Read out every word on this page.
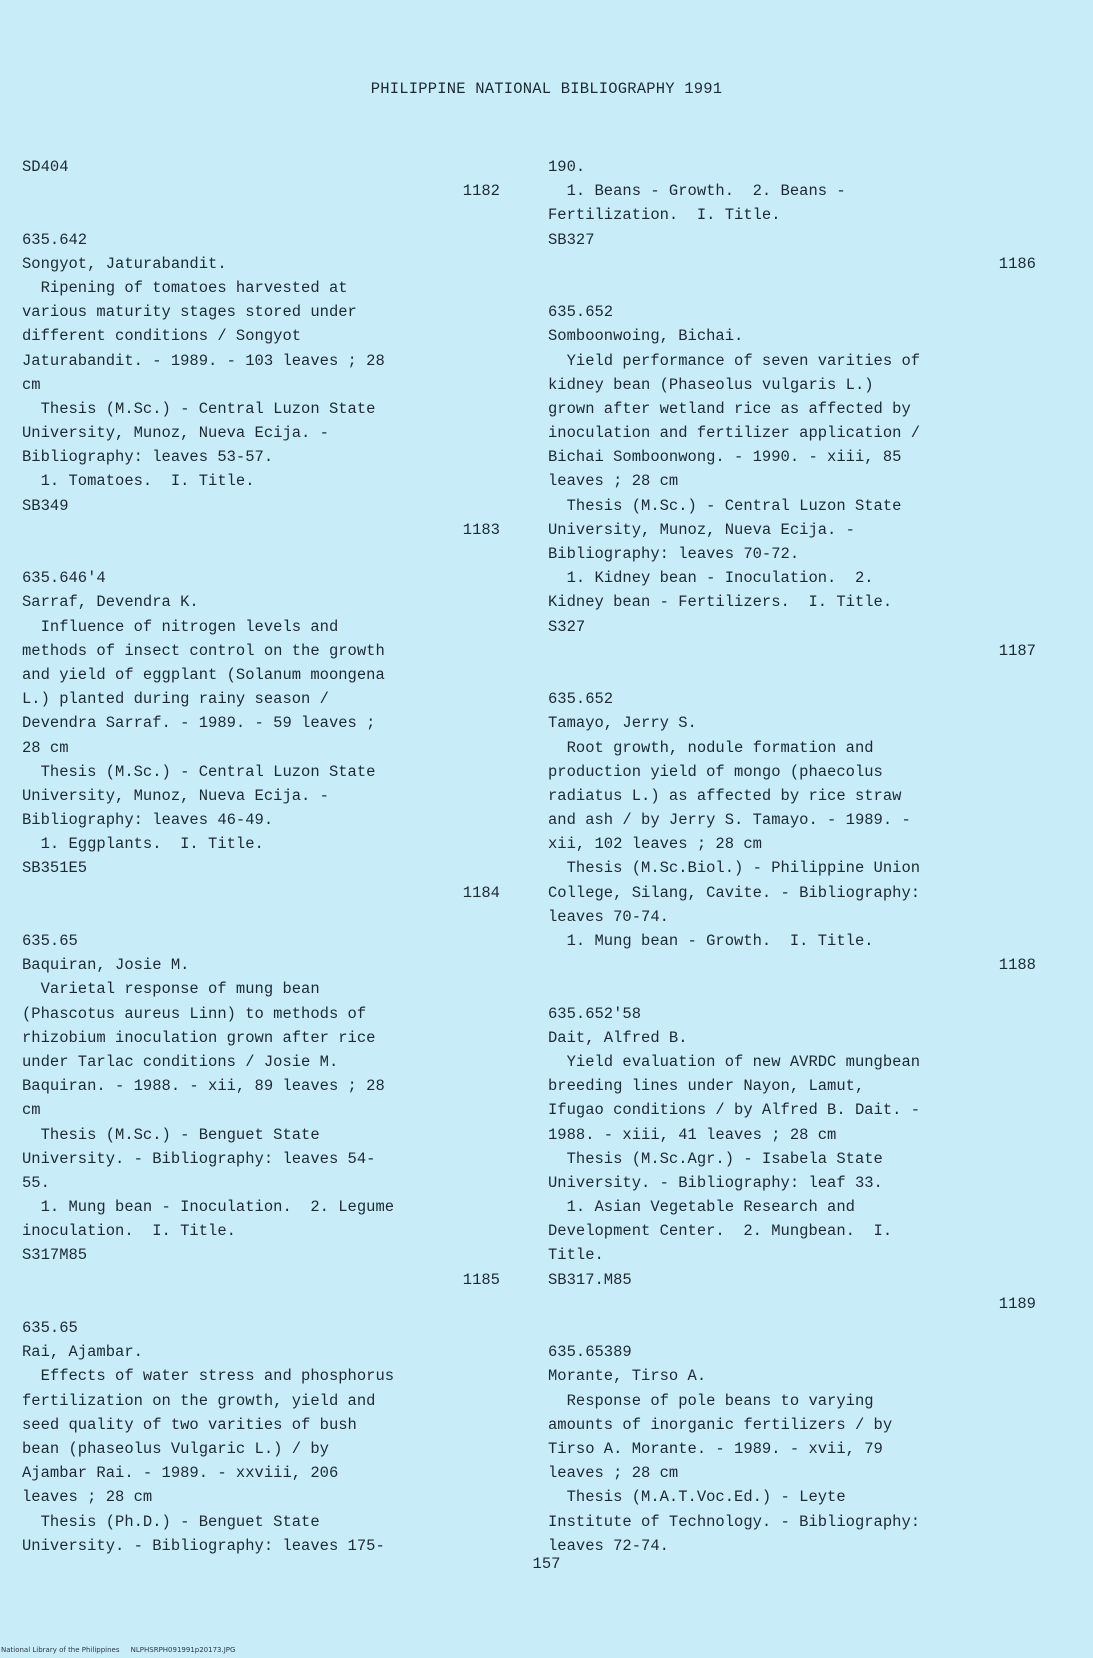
PHILIPPINE NATIONAL BIBLIOGRAPHY 1991
SD404
1182
635.642
Songyot, Jaturabandit.
Ripening of tomatoes harvested at
various maturity stages stored under
different conditions / Songyot
Jaturabandit. - 1989. - 103 leaves ; 28
cm
Thesis (M.Sc.) - Central Luzon State
University, Munoz, Nueva Ecija. -
Bibliography: leaves 53-57.
1. Tomatoes.  I. Title.
SB349
1183
635.646'4
Sarraf, Devendra K.
Influence of nitrogen levels and
methods of insect control on the growth
and yield of eggplant (Solanum moongena
L.) planted during rainy season /
Devendra Sarraf. - 1989. - 59 leaves ;
28 cm
Thesis (M.Sc.) - Central Luzon State
University, Munoz, Nueva Ecija. -
Bibliography: leaves 46-49.
1. Eggplants.  I. Title.
SB351E5
1184
635.65
Baquiran, Josie M.
Varietal response of mung bean
(Phascotus aureus Linn) to methods of
rhizobium inoculation grown after rice
under Tarlac conditions / Josie M.
Baquiran. - 1988. - xii, 89 leaves ; 28
cm
Thesis (M.Sc.) - Benguet State
University. - Bibliography: leaves 54-
55.
1. Mung bean - Inoculation.  2. Legume
inoculation.  I. Title.
S317M85
1185
635.65
Rai, Ajambar.
Effects of water stress and phosphorus
fertilization on the growth, yield and
seed quality of two varities of bush
bean (phaseolus Vulgaric L.) / by
Ajambar Rai. - 1989. - xxviii, 206
leaves ; 28 cm
Thesis (Ph.D.) - Benguet State
University. - Bibliography: leaves 175-
190.
1. Beans - Growth.  2. Beans -
Fertilization.  I. Title.
SB327
1186
635.652
Somboonwoing, Bichai.
Yield performance of seven varities of
kidney bean (Phaseolus vulgaris L.)
grown after wetland rice as affected by
inoculation and fertilizer application /
Bichai Somboonwong. - 1990. - xiii, 85
leaves ; 28 cm
Thesis (M.Sc.) - Central Luzon State
University, Munoz, Nueva Ecija. -
Bibliography: leaves 70-72.
1. Kidney bean - Inoculation.  2.
Kidney bean - Fertilizers.  I. Title.
S327
1187
635.652
Tamayo, Jerry S.
Root growth, nodule formation and
production yield of mongo (phaecolus
radiatus L.) as affected by rice straw
and ash / by Jerry S. Tamayo. - 1989. -
xii, 102 leaves ; 28 cm
Thesis (M.Sc.Biol.) - Philippine Union
College, Silang, Cavite. - Bibliography:
leaves 70-74.
1. Mung bean - Growth.  I. Title.
1188
635.652'58
Dait, Alfred B.
Yield evaluation of new AVRDC mungbean
breeding lines under Nayon, Lamut,
Ifugao conditions / by Alfred B. Dait. -
1988. - xiii, 41 leaves ; 28 cm
Thesis (M.Sc.Agr.) - Isabela State
University. - Bibliography: leaf 33.
1. Asian Vegetable Research and
Development Center.  2. Mungbean.  I.
Title.
SB317.M85
1189
635.65389
Morante, Tirso A.
Response of pole beans to varying
amounts of inorganic fertilizers / by
Tirso A. Morante. - 1989. - xvii, 79
leaves ; 28 cm
Thesis (M.A.T.Voc.Ed.) - Leyte
Institute of Technology. - Bibliography:
leaves 72-74.
157
National Library of the Philippines NLPHSRPH091991p20173.JPG
